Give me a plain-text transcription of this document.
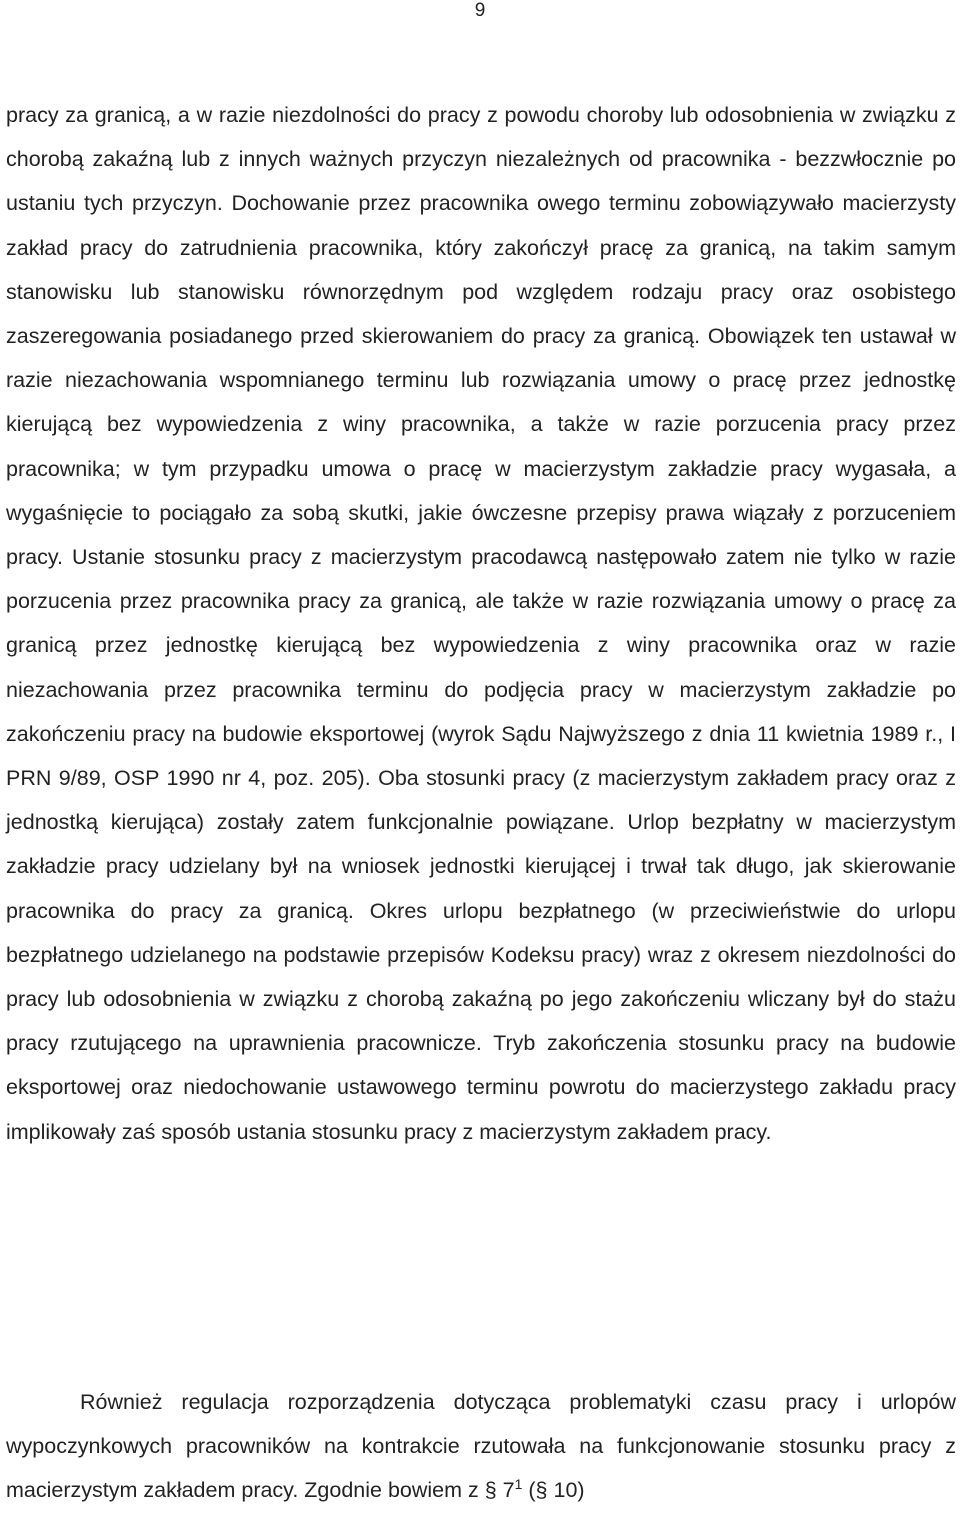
9

pracy za granicą, a w razie niezdolności do pracy z powodu choroby lub odosobnienia w związku z chorobą zakaźną lub z innych ważnych przyczyn niezależnych od pracownika - bezzwłocznie po ustaniu tych przyczyn. Dochowanie przez pracownika owego terminu zobowiązywało macierzysty zakład pracy do zatrudnienia pracownika, który zakończył pracę za granicą, na takim samym stanowisku lub stanowisku równorzędnym pod względem rodzaju pracy oraz osobistego zaszeregowania posiadanego przed skierowaniem do pracy za granicą. Obowiązek ten ustawał w razie niezachowania wspomnianego terminu lub rozwiązania umowy o pracę przez jednostkę kierującą bez wypowiedzenia z winy pracownika, a także w razie porzucenia pracy przez pracownika; w tym przypadku umowa o pracę w macierzystym zakładzie pracy wygasała, a wygaśnięcie to pociągało za sobą skutki, jakie ówczesne przepisy prawa wiązały z porzuceniem pracy. Ustanie stosunku pracy z macierzystym pracodawcą następowało zatem nie tylko w razie porzucenia przez pracownika pracy za granicą, ale także w razie rozwiązania umowy o pracę za granicą przez jednostkę kierującą bez wypowiedzenia z winy pracownika oraz w razie niezachowania przez pracownika terminu do podjęcia pracy w macierzystym zakładzie po zakończeniu pracy na budowie eksportowej (wyrok Sądu Najwyższego z dnia 11 kwietnia 1989 r., I PRN 9/89, OSP 1990 nr 4, poz. 205). Oba stosunki pracy (z macierzystym zakładem pracy oraz z jednostką kierująca) zostały zatem funkcjonalnie powiązane. Urlop bezpłatny w macierzystym zakładzie pracy udzielany był na wniosek jednostki kierującej i trwał tak długo, jak skierowanie pracownika do pracy za granicą. Okres urlopu bezpłatnego (w przeciwieństwie do urlopu bezpłatnego udzielanego na podstawie przepisów Kodeksu pracy) wraz z okresem niezdolności do pracy lub odosobnienia w związku z chorobą zakaźną po jego zakończeniu wliczany był do stażu pracy rzutującego na uprawnienia pracownicze. Tryb zakończenia stosunku pracy na budowie eksportowej oraz niedochowanie ustawowego terminu powrotu do macierzystego zakładu pracy implikowały zaś sposób ustania stosunku pracy z macierzystym zakładem pracy.

Również regulacja rozporządzenia dotycząca problematyki czasu pracy i urlopów wypoczynkowych pracowników na kontrakcie rzutowała na funkcjonowanie stosunku pracy z macierzystym zakładem pracy. Zgodnie bowiem z § $7^1$ (§ 10)
